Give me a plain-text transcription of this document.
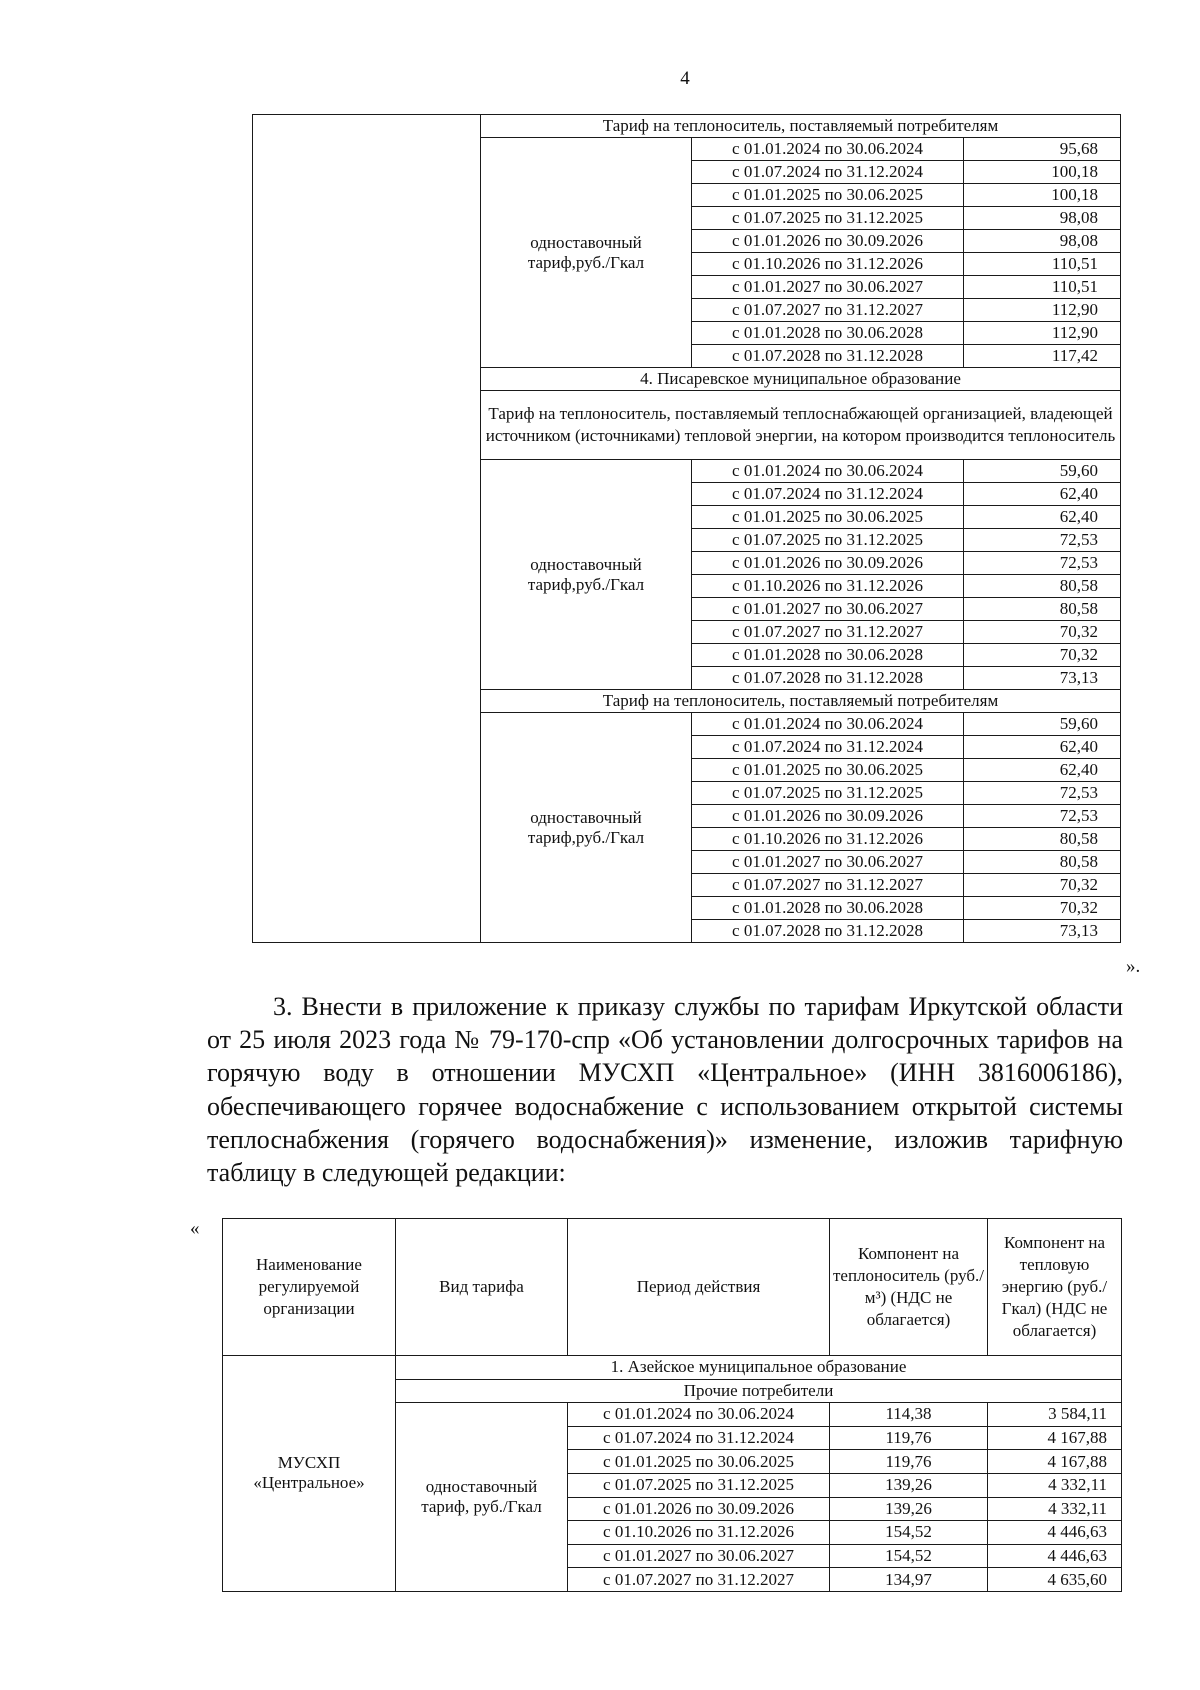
4
	Тариф на теплоноситель, поставляемый потребителям		
	одноставочный тариф,руб./Гкал	с 01.01.2024 по 30.06.2024	95,68
		с 01.07.2024 по 31.12.2024	100,18
		с 01.01.2025 по 30.06.2025	100,18
		с 01.07.2025 по 31.12.2025	98,08
		с 01.01.2026 по 30.09.2026	98,08
		с 01.10.2026 по 31.12.2026	110,51
		с 01.01.2027 по 30.06.2027	110,51
		с 01.07.2027 по 31.12.2027	112,90
		с 01.01.2028 по 30.06.2028	112,90
		с 01.07.2028 по 31.12.2028	117,42
	4. Писаревское муниципальное образование		
	Тариф на теплоноситель, поставляемый теплоснабжающей организацией, владеющей источником (источниками) тепловой энергии, на котором производится теплоноситель		
	одноставочный тариф,руб./Гкал	с 01.01.2024 по 30.06.2024	59,60
		с 01.07.2024 по 31.12.2024	62,40
		с 01.01.2025 по 30.06.2025	62,40
		с 01.07.2025 по 31.12.2025	72,53
		с 01.01.2026 по 30.09.2026	72,53
		с 01.10.2026 по 31.12.2026	80,58
		с 01.01.2027 по 30.06.2027	80,58
		с 01.07.2027 по 31.12.2027	70,32
		с 01.01.2028 по 30.06.2028	70,32
		с 01.07.2028 по 31.12.2028	73,13
	Тариф на теплоноситель, поставляемый потребителям		
	одноставочный тариф,руб./Гкал	с 01.01.2024 по 30.06.2024	59,60
		с 01.07.2024 по 31.12.2024	62,40
		с 01.01.2025 по 30.06.2025	62,40
		с 01.07.2025 по 31.12.2025	72,53
		с 01.01.2026 по 30.09.2026	72,53
		с 01.10.2026 по 31.12.2026	80,58
		с 01.01.2027 по 30.06.2027	80,58
		с 01.07.2027 по 31.12.2027	70,32
		с 01.01.2028 по 30.06.2028	70,32
		с 01.07.2028 по 31.12.2028	73,13
».
3. Внести в приложение к приказу службы по тарифам Иркутской области от 25 июля 2023 года № 79-170-спр «Об установлении долгосрочных тарифов на горячую воду в отношении МУСХП «Центральное» (ИНН 3816006186), обеспечивающего горячее водоснабжение с использованием открытой системы теплоснабжения (горячего водоснабжения)» изменение, изложив тарифную таблицу в следующей редакции:
«
Наименование регулируемой организации	Вид тарифа	Период действия	Компонент на теплоноситель (руб./м³) (НДС не облагается)	Компонент на тепловую энергию (руб./Гкал) (НДС не облагается)
МУСХП «Центральное»	1. Азейское муниципальное образование			
	Прочие потребители			
	одноставочный тариф, руб./Гкал	с 01.01.2024 по 30.06.2024	114,38	3 584,11
		с 01.07.2024 по 31.12.2024	119,76	4 167,88
		с 01.01.2025 по 30.06.2025	119,76	4 167,88
		с 01.07.2025 по 31.12.2025	139,26	4 332,11
		с 01.01.2026 по 30.09.2026	139,26	4 332,11
		с 01.10.2026 по 31.12.2026	154,52	4 446,63
		с 01.01.2027 по 30.06.2027	154,52	4 446,63
		с 01.07.2027 по 31.12.2027	134,97	4 635,60
